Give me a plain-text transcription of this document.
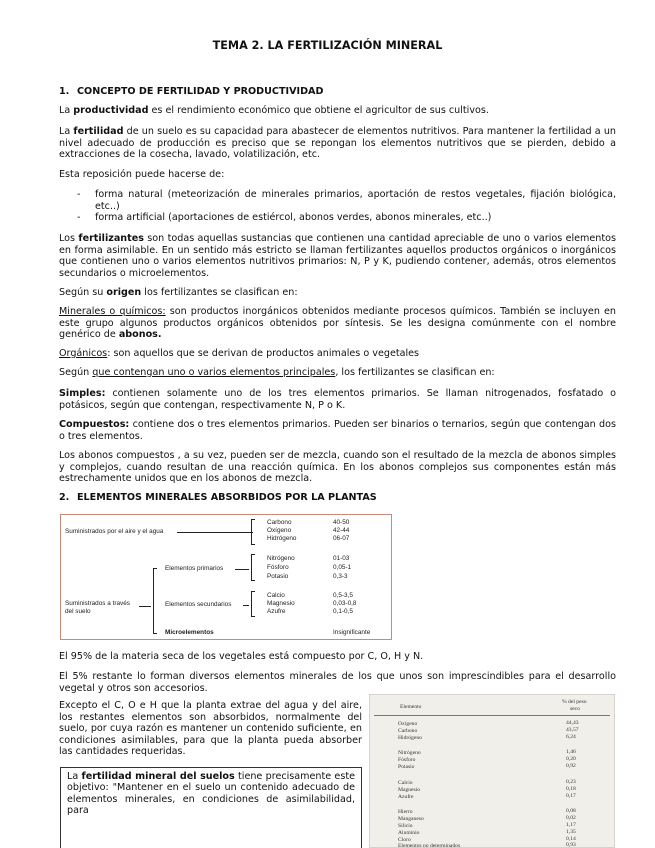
TEMA 2. LA FERTILIZACIÓN MINERAL
1. CONCEPTO DE FERTILIDAD Y PRODUCTIVIDAD
La productividad es el rendimiento económico que obtiene el agricultor de sus cultivos.
La fertilidad de un suelo es su capacidad para abastecer de elementos nutritivos. Para mantener la fertilidad a un nivel adecuado de producción es preciso que se repongan los elementos nutritivos que se pierden, debido a extracciones de la cosecha, lavado, volatilización, etc.
Esta reposición puede hacerse de:
- forma natural (meteorización de minerales primarios, aportación de restos vegetales, fijación biológica, etc..)
- forma artificial (aportaciones de estiércol, abonos verdes, abonos minerales, etc..)
Los fertilizantes son todas aquellas sustancias que contienen una cantidad apreciable de uno o varios elementos en forma asimilable. En un sentido más estricto se llaman fertilizantes aquellos productos orgánicos o inorgánicos que contienen uno o varios elementos nutritivos primarios: N, P y K, pudiendo contener, además, otros elementos secundarios o microelementos.
Según su origen los fertilizantes se clasifican en:
Minerales o químicos: son productos inorgánicos obtenidos mediante procesos químicos. También se incluyen en este grupo algunos productos orgánicos obtenidos por síntesis. Se les designa comúnmente con el nombre genérico de abonos.
Orgánicos: son aquellos que se derivan de productos animales o vegetales
Según que contengan uno o varios elementos principales, los fertilizantes se clasifican en:
Simples: contienen solamente uno de los tres elementos primarios. Se llaman nitrogenados, fosfatado o potásicos, según que contengan, respectivamente N, P o K.
Compuestos: contiene dos o tres elementos primarios. Pueden ser binarios o ternarios, según que contengan dos o tres elementos.
Los abonos compuestos , a su vez, pueden ser de mezcla, cuando son el resultado de la mezcla de abonos simples y complejos, cuando resultan de una reacción química. En los abonos complejos sus componentes están más estrechamente unidos que en los abonos de mezcla.
2. ELEMENTOS MINERALES ABSORBIDOS POR LA PLANTAS
Suministrados por el aire y el agua
Suministrados a través
del suelo
Elementos primarios
Elementos secundarios
Microelementos	Insignificante
Carbono	40-50
Oxígeno	42-44
Hidrógeno	06-07
Nitrógeno	01-03
Fósforo	0,05-1
Potasio	0,3-3
Calcio	0,5-3,5
Magnesio	0,03-0,8
Azufre	0,1-0,5
El 95% de la materia seca de los vegetales está compuesto por C, O, H y N.
El 5% restante lo forman diversos elementos minerales de los que unos son imprescindibles para el desarrollo vegetal y otros son accesorios.
Excepto el C, O e H que la planta extrae del agua y del aire, los restantes elementos son absorbidos, normalmente del suelo, por cuya razón es mantener un contenido suficiente, en condiciones asimilables, para que la planta pueda absorber las cantidades requeridas.
La fertilidad mineral del suelos tiene precisamente este objetivo: "Mantener en el suelo un contenido adecuado de elementos minerales, en condiciones de asimilabilidad, para
Elemento
% del peso
seco
Oxígeno	44,43
Carbono	43,57
Hidrógeno	6,24
Nitrógeno	1,46
Fósforo	0,20
Potasio	0,92
Calcio	0,23
Magnesio	0,18
Azufre	0,17
Hierro	0,08
Manganeso	0,02
Silicio	1,17
Aluminio	1,35
Cloro	0,14
Elementos no determinados	0,93
